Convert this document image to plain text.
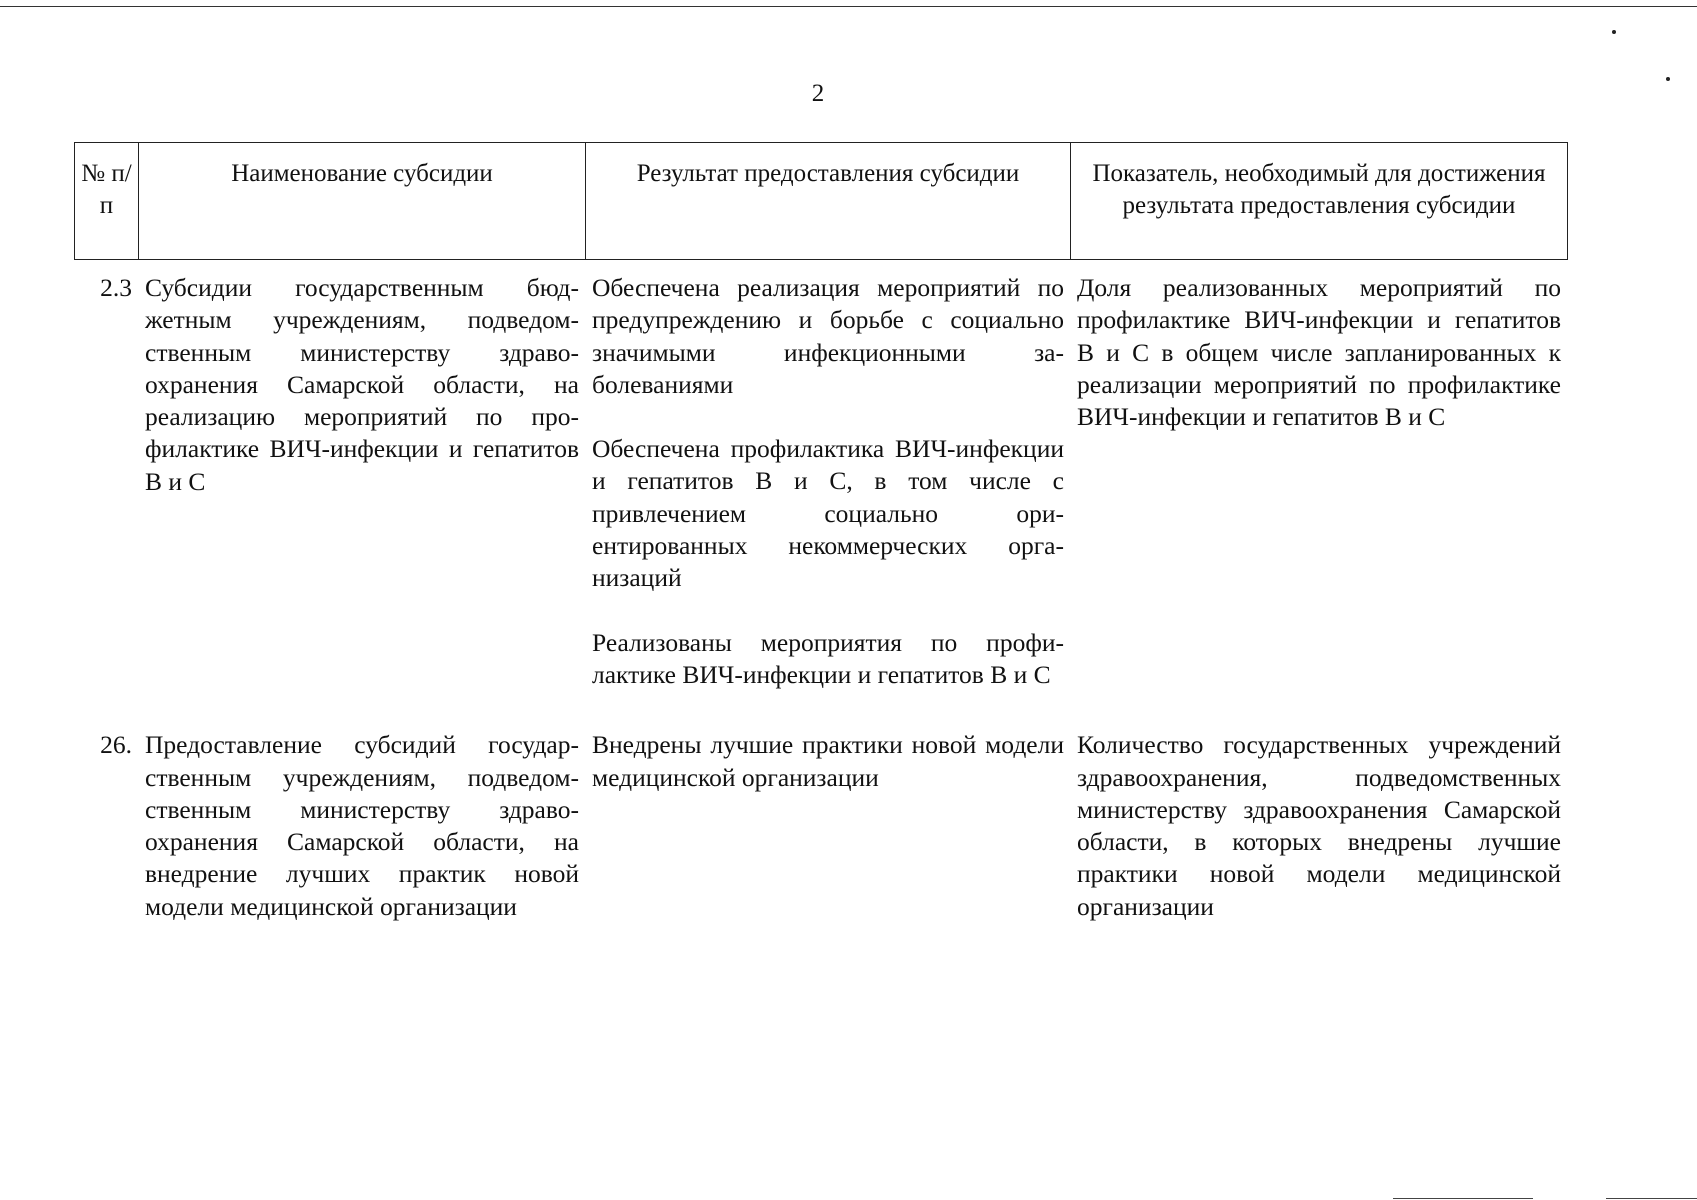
2
№ п/п	Наименование субсидии	Результат предоставления субсидии	Показатель, необходимый для достижения результата предоставления субсидии
2.3	Субсидии государственным бюджетным учреждениям, подведомственным министерству здравоохранения Самарской области, на реализацию мероприятий по профилактике ВИЧ-инфекции и гепатитов В и С	Обеспечена реализация мероприятий по предупреждению и борьбе с социально значимыми инфекционными заболеваниями

Обеспечена профилактика ВИЧ-инфекции и гепатитов В и С, в том числе с привлечением социально ориентированных некоммерческих организаций

Реализованы мероприятия по профилактике ВИЧ-инфекции и гепатитов В и С	Доля реализованных мероприятий по профилактике ВИЧ-инфекции и гепатитов В и С в общем числе запланированных к реализации мероприятий по профилактике ВИЧ-инфекции и гепатитов В и С
26.	Предоставление субсидий государственным учреждениям, подведомственным министерству здравоохранения Самарской области, на внедрение лучших практик новой модели медицинской организации	Внедрены лучшие практики новой модели медицинской организации	Количество государственных учреждений здравоохранения, подведомственных министерству здравоохранения Самарской области, в которых внедрены лучшие практики новой модели медицинской организации
